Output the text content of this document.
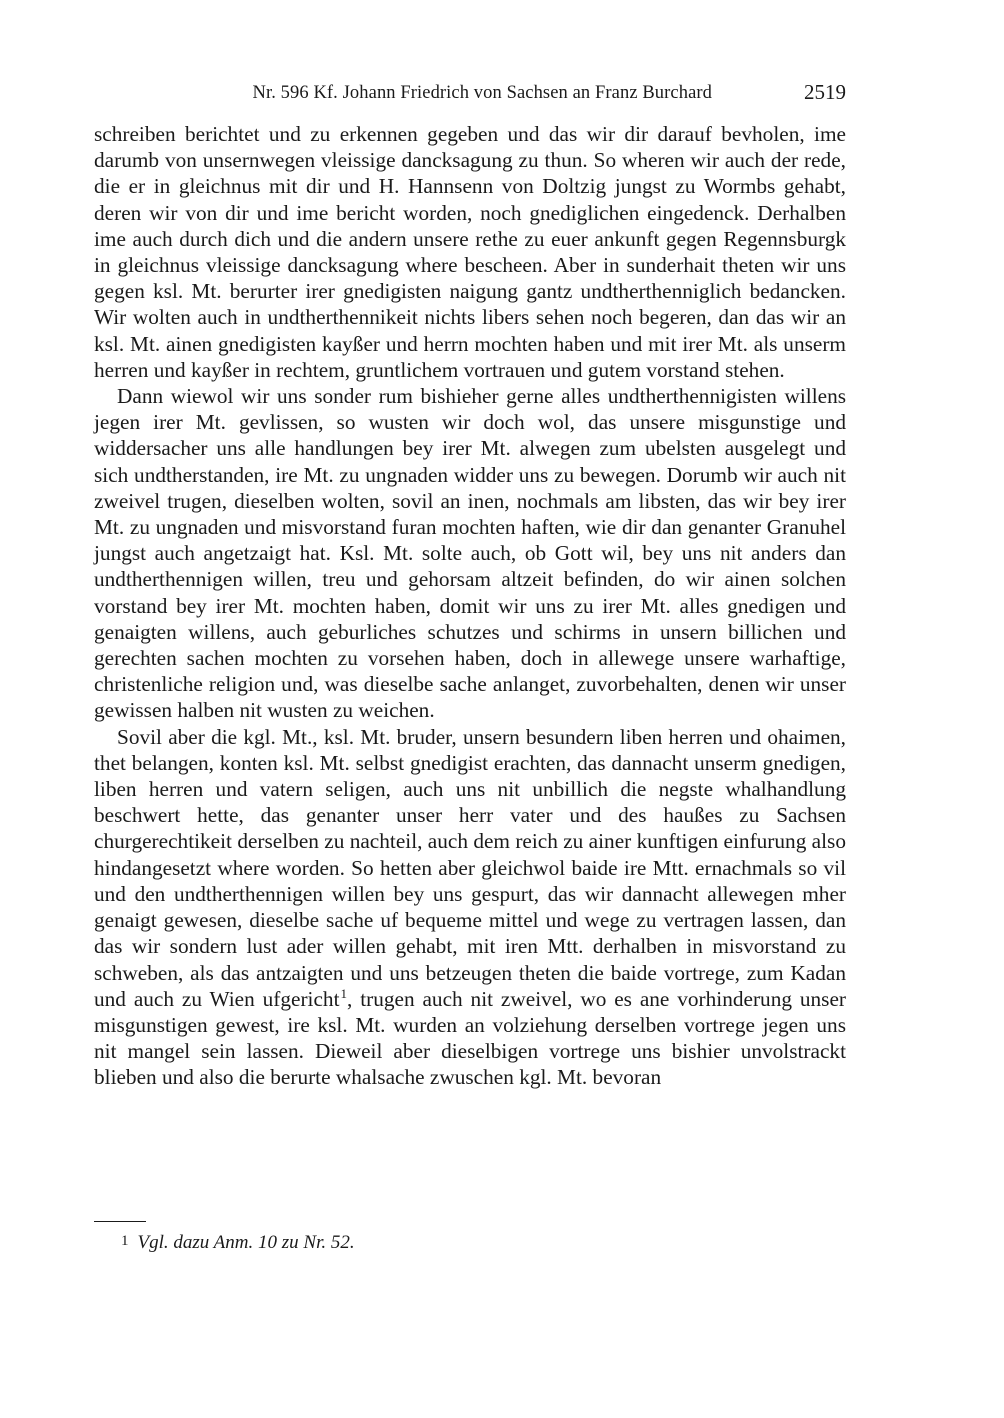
Nr. 596 Kf. Johann Friedrich von Sachsen an Franz Burchard	2519

schreiben berichtet und zu erkennen gegeben und das wir dir darauf bevholen, ime darumb von unsernwegen vleissige dancksagung zu thun. So wheren wir auch der rede, die er in gleichnus mit dir und H. Hannsenn von Doltzig jungst zu Wormbs gehabt, deren wir von dir und ime bericht worden, noch gnediglichen eingedenck. Derhalben ime auch durch dich und die andern unsere rethe zu euer ankunft gegen Regennsburgk in gleichnus vleissige dancksagung where bescheen. Aber in sunderhait theten wir uns gegen ksl. Mt. berurter irer gnedigisten naigung gantz undtherthenniglich bedancken. Wir wolten auch in undtherthennikeit nichts libers sehen noch begeren, dan das wir an ksl. Mt. ainen gnedigisten kayßer und herrn mochten haben und mit irer Mt. als unserm herren und kayßer in rechtem, gruntlichem vortrauen und gutem vorstand stehen.

Dann wiewol wir uns sonder rum bishieher gerne alles undtherthennigisten willens jegen irer Mt. gevlissen, so wusten wir doch wol, das unsere misgunstige und widdersacher uns alle handlungen bey irer Mt. alwegen zum ubelsten ausgelegt und sich undtherstanden, ire Mt. zu ungnaden widder uns zu bewegen. Dorumb wir auch nit zweivel trugen, dieselben wolten, sovil an inen, nochmals am libsten, das wir bey irer Mt. zu ungnaden und misvorstand furan mochten haften, wie dir dan genanter Granuhel jungst auch angetzaigt hat. Ksl. Mt. solte auch, ob Gott wil, bey uns nit anders dan undtherthennigen willen, treu und gehorsam altzeit befinden, do wir ainen solchen vorstand bey irer Mt. mochten haben, domit wir uns zu irer Mt. alles gnedigen und genaigten willens, auch geburliches schutzes und schirms in unsern billichen und gerechten sachen mochten zu vorsehen haben, doch in allewege unsere warhaftige, christenliche religion und, was dieselbe sache anlanget, zuvorbehalten, denen wir unser gewissen halben nit wusten zu weichen.

Sovil aber die kgl. Mt., ksl. Mt. bruder, unsern besundern liben herren und ohaimen, thet belangen, konten ksl. Mt. selbst gnedigist erachten, das dannacht unserm gnedigen, liben herren und vatern seligen, auch uns nit unbillich die negste whalhandlung beschwert hette, das genanter unser herr vater und des haußes zu Sachsen churgerechtikeit derselben zu nachteil, auch dem reich zu ainer kunftigen einfurung also hindangesetzt where worden. So hetten aber gleichwol baide ire Mtt. ernachmals so vil und den undtherthennigen willen bey uns gespurt, das wir dannacht allewegen mher genaigt gewesen, dieselbe sache uf bequeme mittel und wege zu vertragen lassen, dan das wir sondern lust ader willen gehabt, mit iren Mtt. derhalben in misvorstand zu schweben, als das antzaigten und uns betzeugen theten die baide vortrege, zum Kadan und auch zu Wien ufgericht$^1$, trugen auch nit zweivel, wo es ane vorhinderung unser misgunstigen gewest, ire ksl. Mt. wurden an volziehung derselben vortrege jegen uns nit mangel sein lassen. Dieweil aber dieselbigen vortrege uns bishier unvolstrackt blieben und also die berurte whalsache zwuschen kgl. Mt. bevoran

1 Vgl. dazu Anm. 10 zu Nr. 52.
